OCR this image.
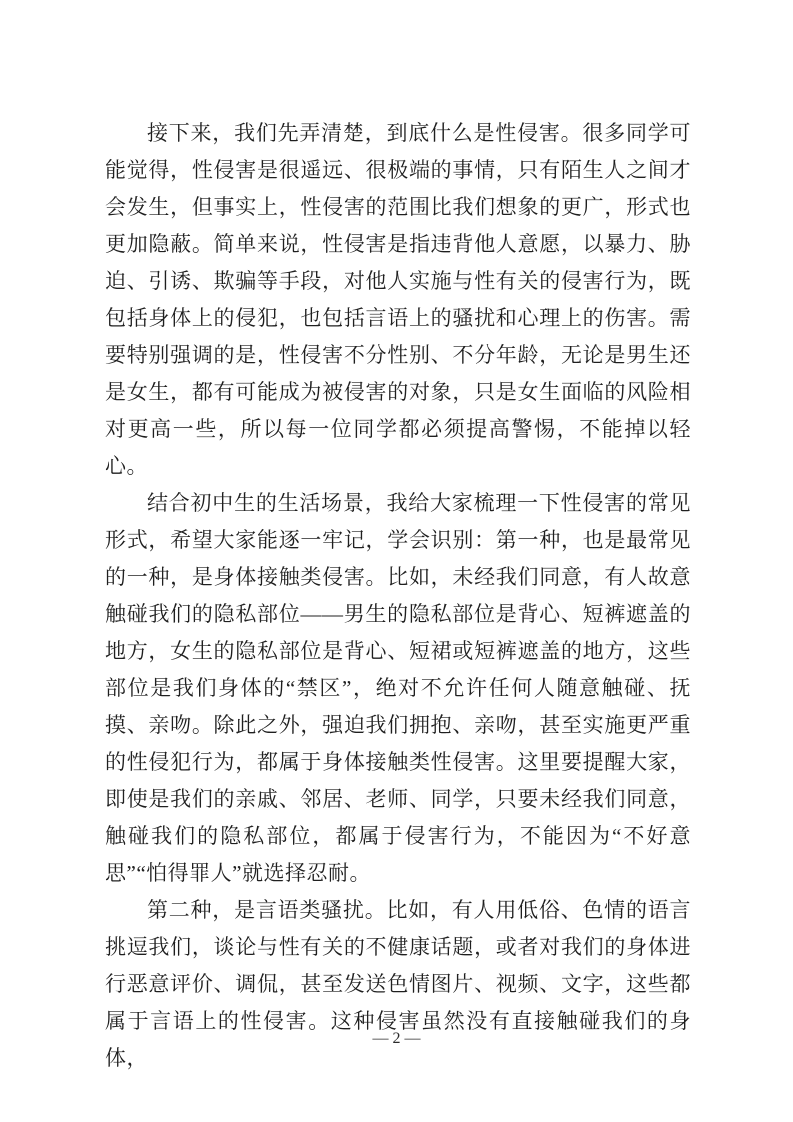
接下来，我们先弄清楚，到底什么是性侵害。很多同学可能觉得，性侵害是很遥远、很极端的事情，只有陌生人之间才会发生，但事实上，性侵害的范围比我们想象的更广，形式也更加隐蔽。简单来说，性侵害是指违背他人意愿，以暴力、胁迫、引诱、欺骗等手段，对他人实施与性有关的侵害行为，既包括身体上的侵犯，也包括言语上的骚扰和心理上的伤害。需要特别强调的是，性侵害不分性别、不分年龄，无论是男生还是女生，都有可能成为被侵害的对象，只是女生面临的风险相对更高一些，所以每一位同学都必须提高警惕，不能掉以轻心。

结合初中生的生活场景，我给大家梳理一下性侵害的常见形式，希望大家能逐一牢记，学会识别：第一种，也是最常见的一种，是身体接触类侵害。比如，未经我们同意，有人故意触碰我们的隐私部位——男生的隐私部位是背心、短裤遮盖的地方，女生的隐私部位是背心、短裙或短裤遮盖的地方，这些部位是我们身体的“禁区”，绝对不允许任何人随意触碰、抚摸、亲吻。除此之外，强迫我们拥抱、亲吻，甚至实施更严重的性侵犯行为，都属于身体接触类性侵害。这里要提醒大家，即使是我们的亲戚、邻居、老师、同学，只要未经我们同意，触碰我们的隐私部位，都属于侵害行为，不能因为“不好意思”“怕得罪人”就选择忍耐。

第二种，是言语类骚扰。比如，有人用低俗、色情的语言挑逗我们，谈论与性有关的不健康话题，或者对我们的身体进行恶意评价、调侃，甚至发送色情图片、视频、文字，这些都属于言语上的性侵害。这种侵害虽然没有直接触碰我们的身体，

— 2 —
